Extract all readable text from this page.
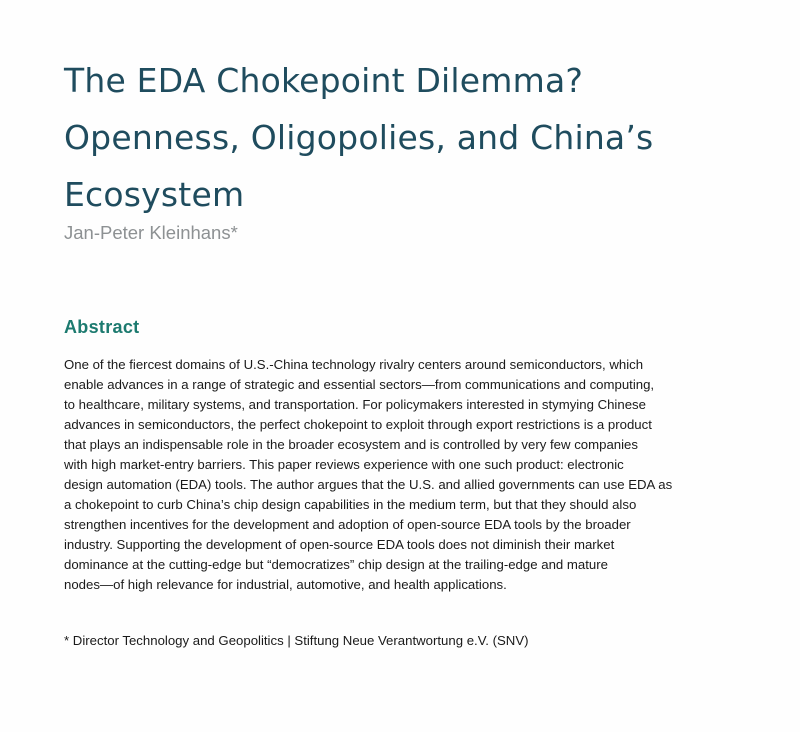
The EDA Chokepoint Dilemma?
Openness, Oligopolies, and China’s
Ecosystem
Jan-Peter Kleinhans*
Abstract
One of the fiercest domains of U.S.-China technology rivalry centers around semiconductors, which
enable advances in a range of strategic and essential sectors—from communications and computing,
to healthcare, military systems, and transportation. For policymakers interested in stymying Chinese
advances in semiconductors, the perfect chokepoint to exploit through export restrictions is a product
that plays an indispensable role in the broader ecosystem and is controlled by very few companies
with high market-entry barriers. This paper reviews experience with one such product: electronic
design automation (EDA) tools. The author argues that the U.S. and allied governments can use EDA as
a chokepoint to curb China’s chip design capabilities in the medium term, but that they should also
strengthen incentives for the development and adoption of open-source EDA tools by the broader
industry. Supporting the development of open-source EDA tools does not diminish their market
dominance at the cutting-edge but “democratizes” chip design at the trailing-edge and mature
nodes—of high relevance for industrial, automotive, and health applications.
* Director Technology and Geopolitics | Stiftung Neue Verantwortung e.V. (SNV)
